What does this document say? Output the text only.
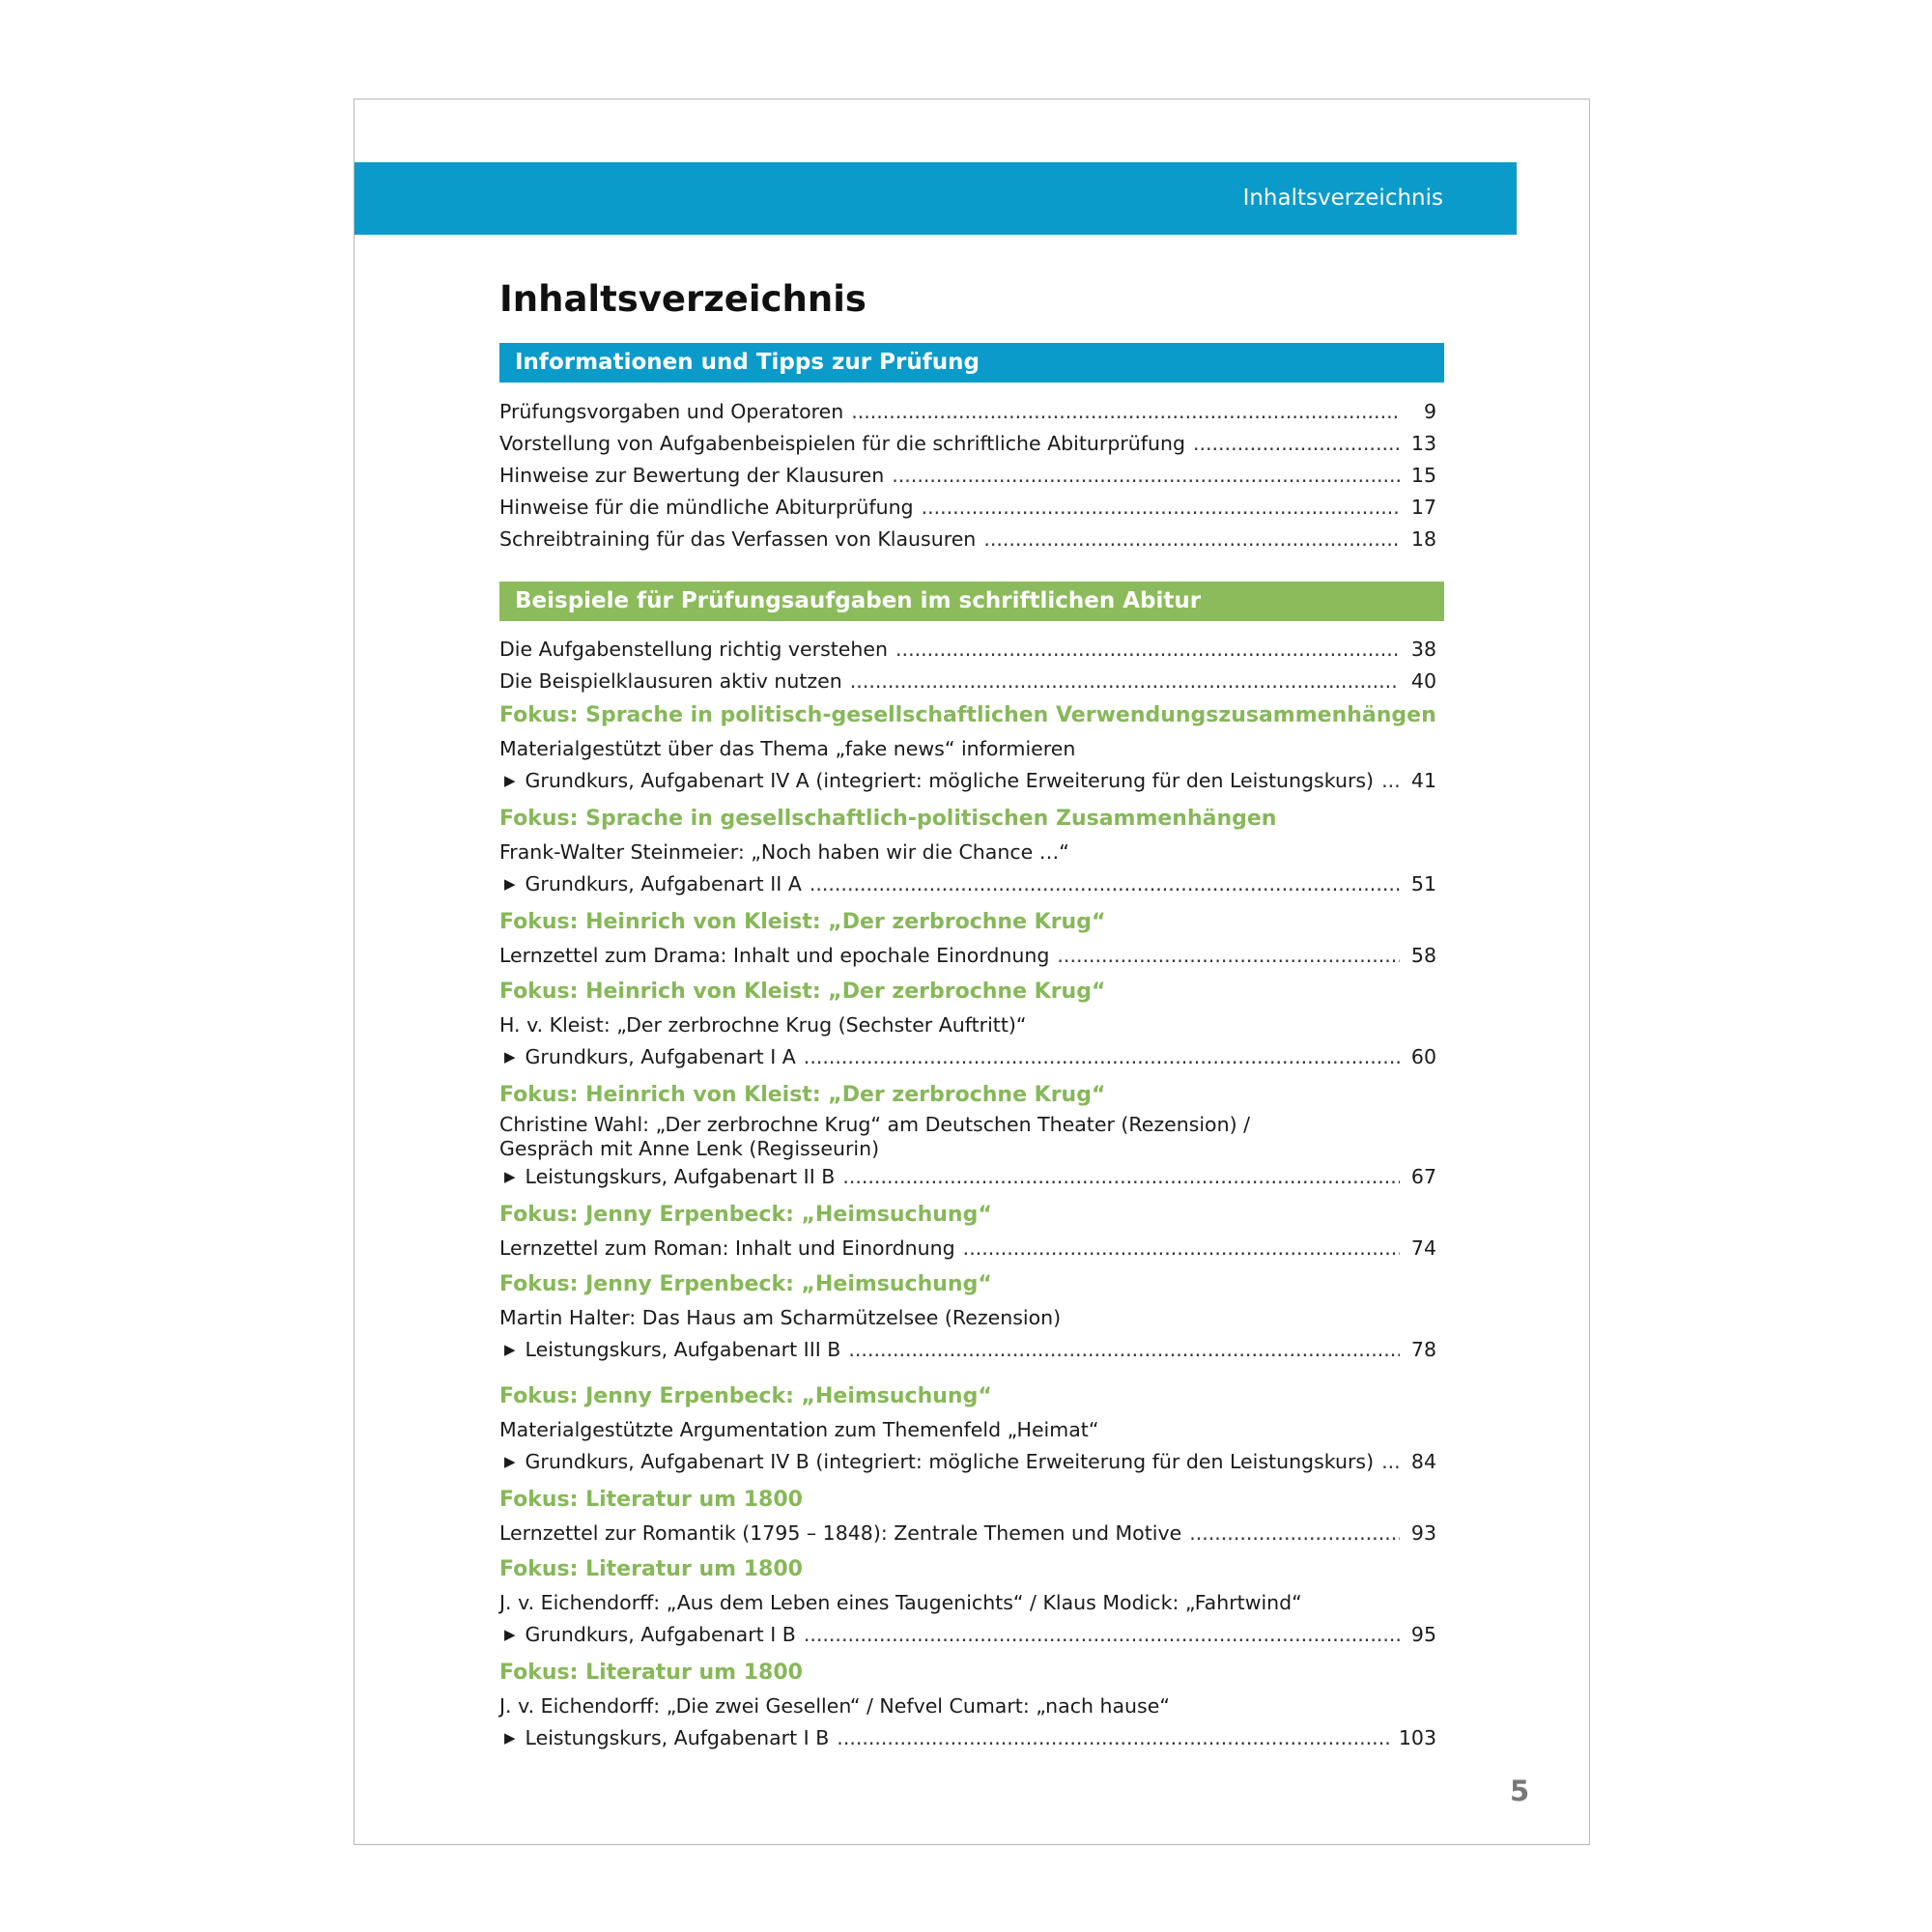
Inhaltsverzeichnis
Inhaltsverzeichnis
Informationen und Tipps zur Prüfung
Prüfungsvorgaben und Operatoren .....	9
Vorstellung von Aufgabenbeispielen für die schriftliche Abiturprüfung .....	13
Hinweise zur Bewertung der Klausuren .....	15
Hinweise für die mündliche Abiturprüfung .....	17
Schreibtraining für das Verfassen von Klausuren .....	18
Beispiele für Prüfungsaufgaben im schriftlichen Abitur
Die Aufgabenstellung richtig verstehen .....	38
Die Beispielklausuren aktiv nutzen .....	40
Fokus: Sprache in politisch-gesellschaftlichen Verwendungszusammenhängen
Materialgestützt über das Thema „fake news“ informieren
▶ Grundkurs, Aufgabenart IV A (integriert: mögliche Erweiterung für den Leistungskurs) ..... 41
Fokus: Sprache in gesellschaftlich-politischen Zusammenhängen
Frank-Walter Steinmeier: „Noch haben wir die Chance …“
▶ Grundkurs, Aufgabenart II A .....	51
Fokus: Heinrich von Kleist: „Der zerbrochne Krug“
Lernzettel zum Drama: Inhalt und epochale Einordnung .....	58
Fokus: Heinrich von Kleist: „Der zerbrochne Krug“
H. v. Kleist: „Der zerbrochne Krug (Sechster Auftritt)“
▶ Grundkurs, Aufgabenart I A .....	60
Fokus: Heinrich von Kleist: „Der zerbrochne Krug“
Christine Wahl: „Der zerbrochne Krug“ am Deutschen Theater (Rezension) /
Gespräch mit Anne Lenk (Regisseurin)
▶ Leistungskurs, Aufgabenart II B .....	67
Fokus: Jenny Erpenbeck: „Heimsuchung“
Lernzettel zum Roman: Inhalt und Einordnung .....	74
Fokus: Jenny Erpenbeck: „Heimsuchung“
Martin Halter: Das Haus am Scharmützelsee (Rezension)
▶ Leistungskurs, Aufgabenart III B .....	78
Fokus: Jenny Erpenbeck: „Heimsuchung“
Materialgestützte Argumentation zum Themenfeld „Heimat“
▶ Grundkurs, Aufgabenart IV B (integriert: mögliche Erweiterung für den Leistungskurs) ..... 84
Fokus: Literatur um 1800
Lernzettel zur Romantik (1795 – 1848): Zentrale Themen und Motive .....	93
Fokus: Literatur um 1800
J. v. Eichendorff: „Aus dem Leben eines Taugenichts“ / Klaus Modick: „Fahrtwind“
▶ Grundkurs, Aufgabenart I B .....	95
Fokus: Literatur um 1800
J. v. Eichendorff: „Die zwei Gesellen“ / Nefvel Cumart: „nach hause“
▶ Leistungskurs, Aufgabenart I B .....	103
5
